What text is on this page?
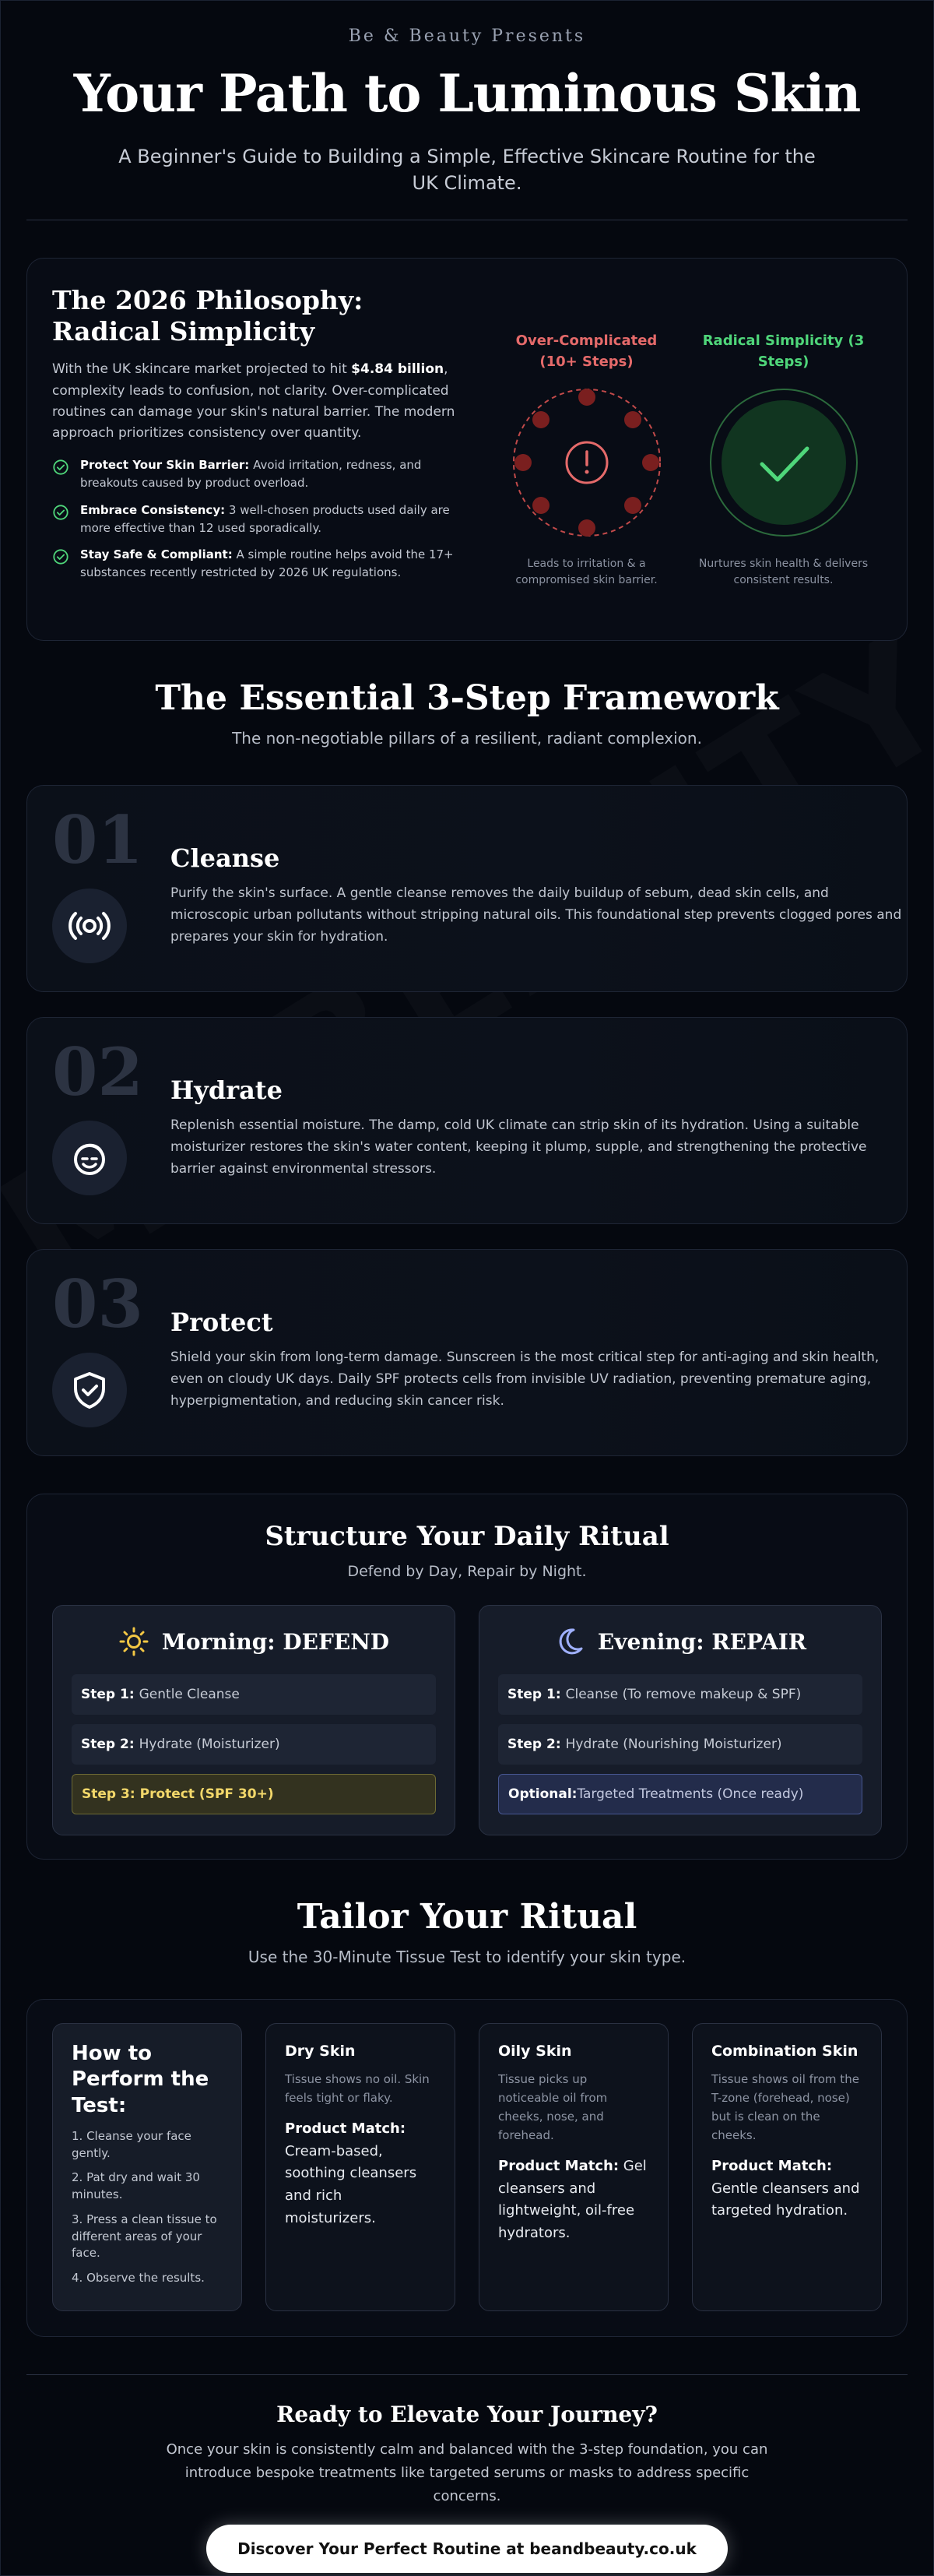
Be & Beauty Presents
Your Path to Luminous Skin
A Beginner's Guide to Building a Simple, Effective Skincare Routine for the UK Climate.
The 2026 Philosophy: Radical Simplicity
With the UK skincare market projected to hit $4.84 billion, complexity leads to confusion, not clarity. Over-complicated routines can damage your skin's natural barrier. The modern approach prioritizes consistency over quantity.
Protect Your Skin Barrier: Avoid irritation, redness, and breakouts caused by product overload.
Embrace Consistency: 3 well-chosen products used daily are more effective than 12 used sporadically.
Stay Safe & Compliant: A simple routine helps avoid the 17+ substances recently restricted by 2026 UK regulations.
Over-Complicated (10+ Steps)
Leads to irritation & a compromised skin barrier.
Radical Simplicity (3 Steps)
Nurtures skin health & delivers consistent results.
The Essential 3-Step Framework
The non-negotiable pillars of a resilient, radiant complexion.
01 Cleanse
Purify the skin's surface. A gentle cleanse removes the daily buildup of sebum, dead skin cells, and microscopic urban pollutants without stripping natural oils. This foundational step prevents clogged pores and prepares your skin for hydration.
02 Hydrate
Replenish essential moisture. The damp, cold UK climate can strip skin of its hydration. Using a suitable moisturizer restores the skin's water content, keeping it plump, supple, and strengthening the protective barrier against environmental stressors.
03 Protect
Shield your skin from long-term damage. Sunscreen is the most critical step for anti-aging and skin health, even on cloudy UK days. Daily SPF protects cells from invisible UV radiation, preventing premature aging, hyperpigmentation, and reducing skin cancer risk.
Structure Your Daily Ritual
Defend by Day, Repair by Night.
Morning: DEFEND
Step 1: Gentle Cleanse
Step 2: Hydrate (Moisturizer)
Step 3: Protect (SPF 30+)
Evening: REPAIR
Step 1: Cleanse (To remove makeup & SPF)
Step 2: Hydrate (Nourishing Moisturizer)
Optional: Targeted Treatments (Once ready)
Tailor Your Ritual
Use the 30-Minute Tissue Test to identify your skin type.
How to Perform the Test:
1. Cleanse your face gently.
2. Pat dry and wait 30 minutes.
3. Press a clean tissue to different areas of your face.
4. Observe the results.
Dry Skin
Tissue shows no oil. Skin feels tight or flaky.
Product Match: Cream-based, soothing cleansers and rich moisturizers.
Oily Skin
Tissue picks up noticeable oil from cheeks, nose, and forehead.
Product Match: Gel cleansers and lightweight, oil-free hydrators.
Combination Skin
Tissue shows oil from the T-zone (forehead, nose) but is clean on the cheeks.
Product Match: Gentle cleansers and targeted hydration.
Ready to Elevate Your Journey?
Once your skin is consistently calm and balanced with the 3-step foundation, you can introduce bespoke treatments like targeted serums or masks to address specific concerns.
Discover Your Perfect Routine at beandbeauty.co.uk
